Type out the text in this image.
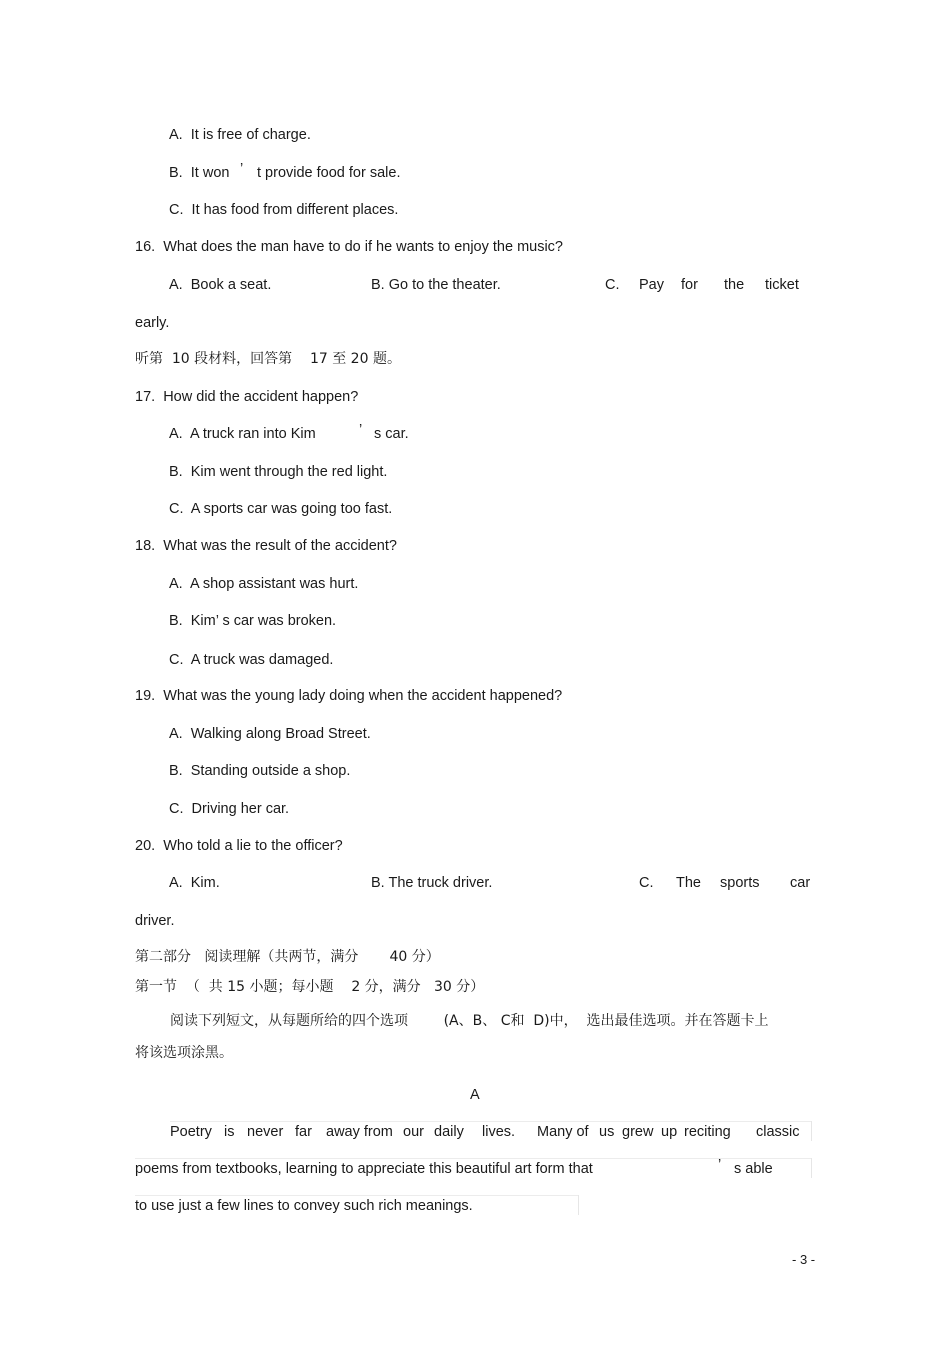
A.  It is free of charge.
B.  It won ’ t provide food for sale.
C.  It has food from different places.
16.  What does the man have to do if he wants to enjoy the music?
A.  Book a seat.	B. Go to the theater.	C. Pay for the ticket
early.
听第  10 段材料，回答第    17 至 20 题。
17.  How did the accident happen?
A.  A truck ran into Kim	’ s car.
B.  Kim went through the red light.
C.  A sports car was going too fast.
18.  What was the result of the accident?
A.  A shop assistant was hurt.
B.  Kim’ s car was broken.
C.  A truck was damaged.
19.  What was the young lady doing when the accident happened?
A.  Walking along Broad Street.
B.  Standing outside a shop.
C.  Driving her car.
20.  Who told a lie to the officer?
A.  Kim.	B. The truck driver.	C. The sports car
driver.
第二部分   阅读理解（共两节，满分       40 分）
第一节  （  共 15 小题；每小题    2 分，满分   30 分）
阅读下列短文，从每题所给的四个选项        (A、B、 C和  D)中，  选出最佳选项。并在答题卡上
将该选项涂黑。
A
Poetry is never far away from our daily lives. Many of us grew up reciting classic
poems from textbooks, learning to appreciate this beautiful art form that	’ s able
to use just a few lines to convey such rich meanings.
- 3 -
